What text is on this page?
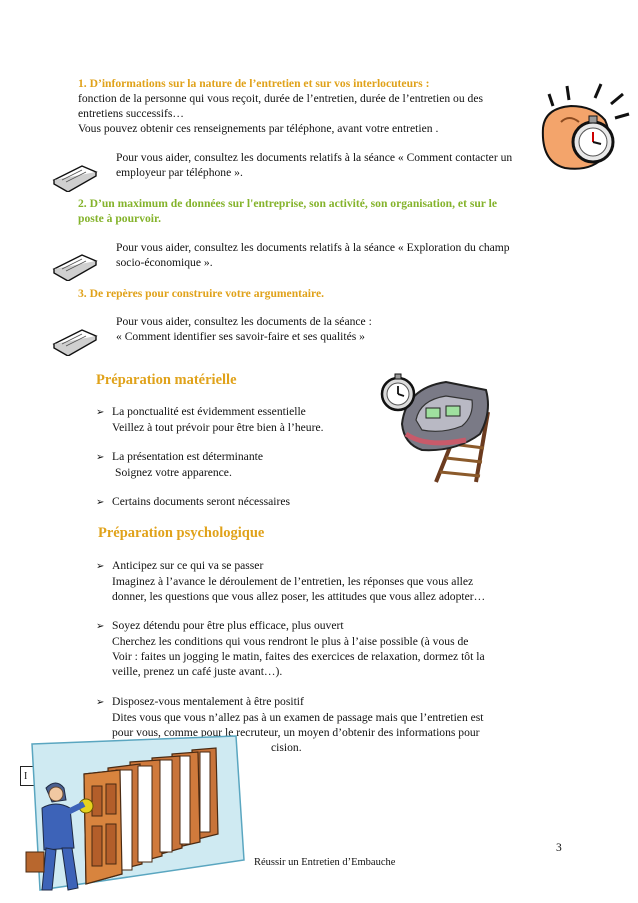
1. D’informations sur la nature de l’entretien et sur vos interlocuteurs :
fonction de la personne qui vous reçoit, durée de l’entretien, durée de l’entretien ou des
entretiens successifs…
Vous pouvez obtenir ces renseignements par téléphone, avant votre entretien .
Pour vous aider, consultez les documents relatifs à la séance « Comment contacter un
employeur par téléphone ».
2. D’un maximum de données sur l'entreprise, son activité, son organisation, et sur le
poste à pourvoir.
Pour vous aider, consultez les documents relatifs à la séance « Exploration du champ
socio-économique ».
3. De repères pour construire votre argumentaire.
Pour vous aider, consultez les documents de la séance :
« Comment identifier ses savoir-faire et ses qualités »
Préparation matérielle
➢ La ponctualité est évidemment essentielle
Veillez à tout prévoir pour être bien à l’heure.
➢ La présentation est déterminante
Soignez votre apparence.
➢ Certains documents seront nécessaires
Préparation psychologique
➢ Anticipez sur ce qui va se passer
Imaginez à l’avance le déroulement de l’entretien, les réponses que vous allez
donner, les questions que vous allez poser, les attitudes que vous allez adopter…
➢ Soyez détendu pour être plus efficace, plus ouvert
Cherchez les conditions qui vous rendront le plus à l’aise possible (à vous de
Voir : faites un jogging le matin, faites des exercices de relaxation, dormez tôt la
veille, prenez un café juste avant…).
➢ Disposez-vous mentalement à être positif
Dites vous que vous n’allez pas à un examen de passage mais que l’entretien est
pour vous, comme pour le recruteur, un moyen d’obtenir des informations pour
cision.
I
3
Réussir un Entretien d’Embauche
